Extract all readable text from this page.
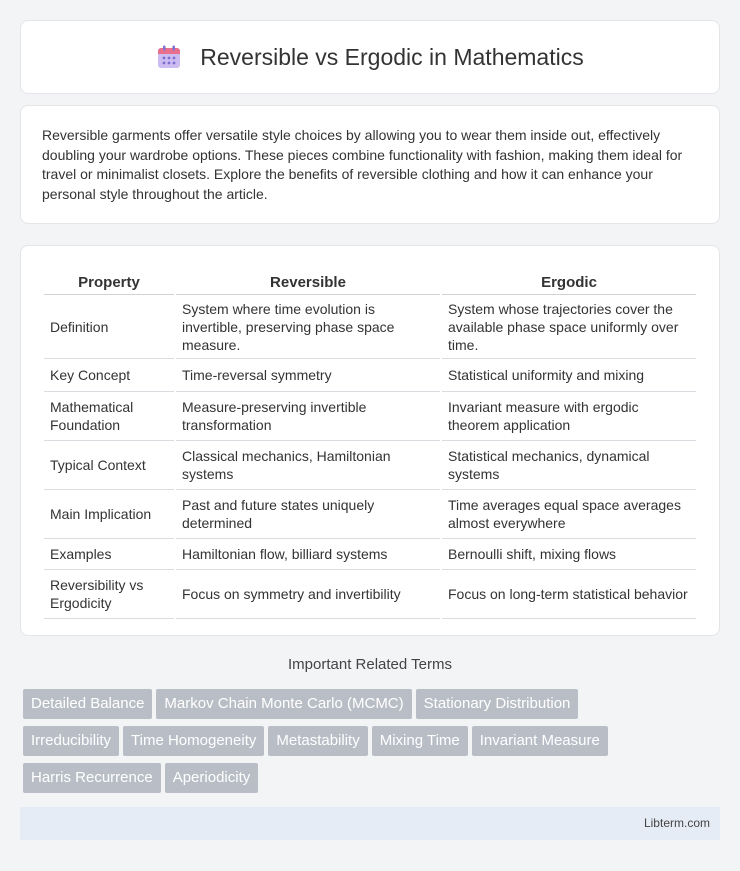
Reversible vs Ergodic in Mathematics

Reversible garments offer versatile style choices by allowing you to wear them inside out, effectively doubling your wardrobe options. These pieces combine functionality with fashion, making them ideal for travel or minimalist closets. Explore the benefits of reversible clothing and how it can enhance your personal style throughout the article.

Property	Reversible	Ergodic
Definition	System where time evolution is invertible, preserving phase space measure.	System whose trajectories cover the available phase space uniformly over time.
Key Concept	Time-reversal symmetry	Statistical uniformity and mixing
Mathematical Foundation	Measure-preserving invertible transformation	Invariant measure with ergodic theorem application
Typical Context	Classical mechanics, Hamiltonian systems	Statistical mechanics, dynamical systems
Main Implication	Past and future states uniquely determined	Time averages equal space averages almost everywhere
Examples	Hamiltonian flow, billiard systems	Bernoulli shift, mixing flows
Reversibility vs Ergodicity	Focus on symmetry and invertibility	Focus on long-term statistical behavior
Important Related Terms
Detailed Balance Markov Chain Monte Carlo (MCMC) Stationary Distribution
Irreducibility Time Homogeneity Metastability Mixing Time Invariant Measure
Harris Recurrence Aperiodicity
Libterm.com
